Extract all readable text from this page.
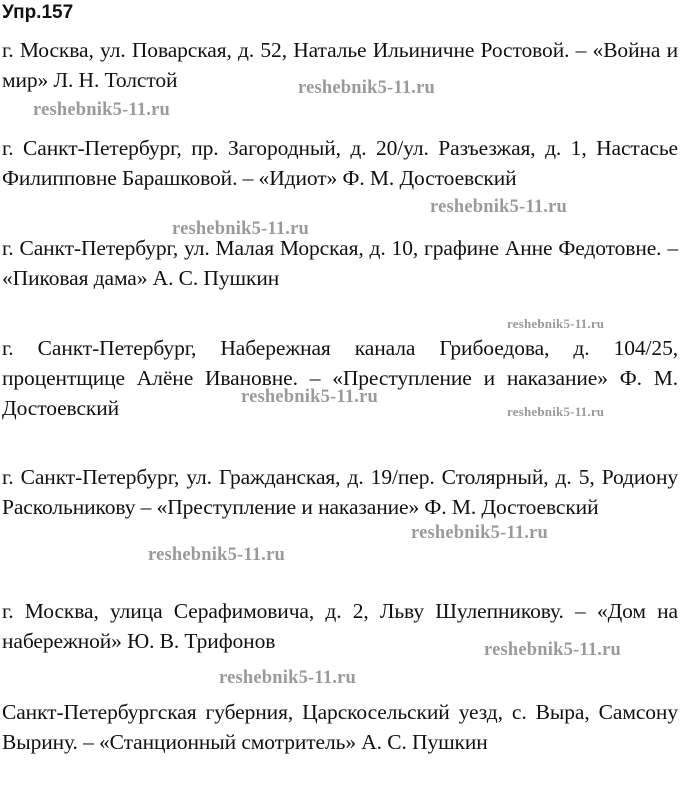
Упр.157

г. Москва, ул. Поварская, д. 52, Наталье Ильиничне Ростовой. – «Война и мир» Л. Н. Толстой

г. Санкт-Петербург, пр. Загородный, д. 20/ул. Разъезжая, д. 1, Настасье Филипповне Барашковой. – «Идиот» Ф. М. Достоевский

г. Санкт-Петербург, ул. Малая Морская, д. 10, графине Анне Федотовне. – «Пиковая дама» А. С. Пушкин

г. Санкт-Петербург, Набережная канала Грибоедова, д. 104/25, процентщице Алёне Ивановне. – «Преступление и наказание» Ф. М. Достоевский

г. Санкт-Петербург, ул. Гражданская, д. 19/пер. Столярный, д. 5, Родиону Раскольникову – «Преступление и наказание» Ф. М. Достоевский

г. Москва, улица Серафимовича, д. 2, Льву Шулепникову. – «Дом на набережной» Ю. В. Трифонов

Санкт-Петербургская губерния, Царскосельский уезд, с. Выра, Самсону Вырину. – «Станционный смотритель» А. С. Пушкин

reshebnik5-11.ru
reshebnik5-11.ru
reshebnik5-11.ru
reshebnik5-11.ru
reshebnik5-11.ru
reshebnik5-11.ru
reshebnik5-11.ru
reshebnik5-11.ru
reshebnik5-11.ru
reshebnik5-11.ru
reshebnik5-11.ru
